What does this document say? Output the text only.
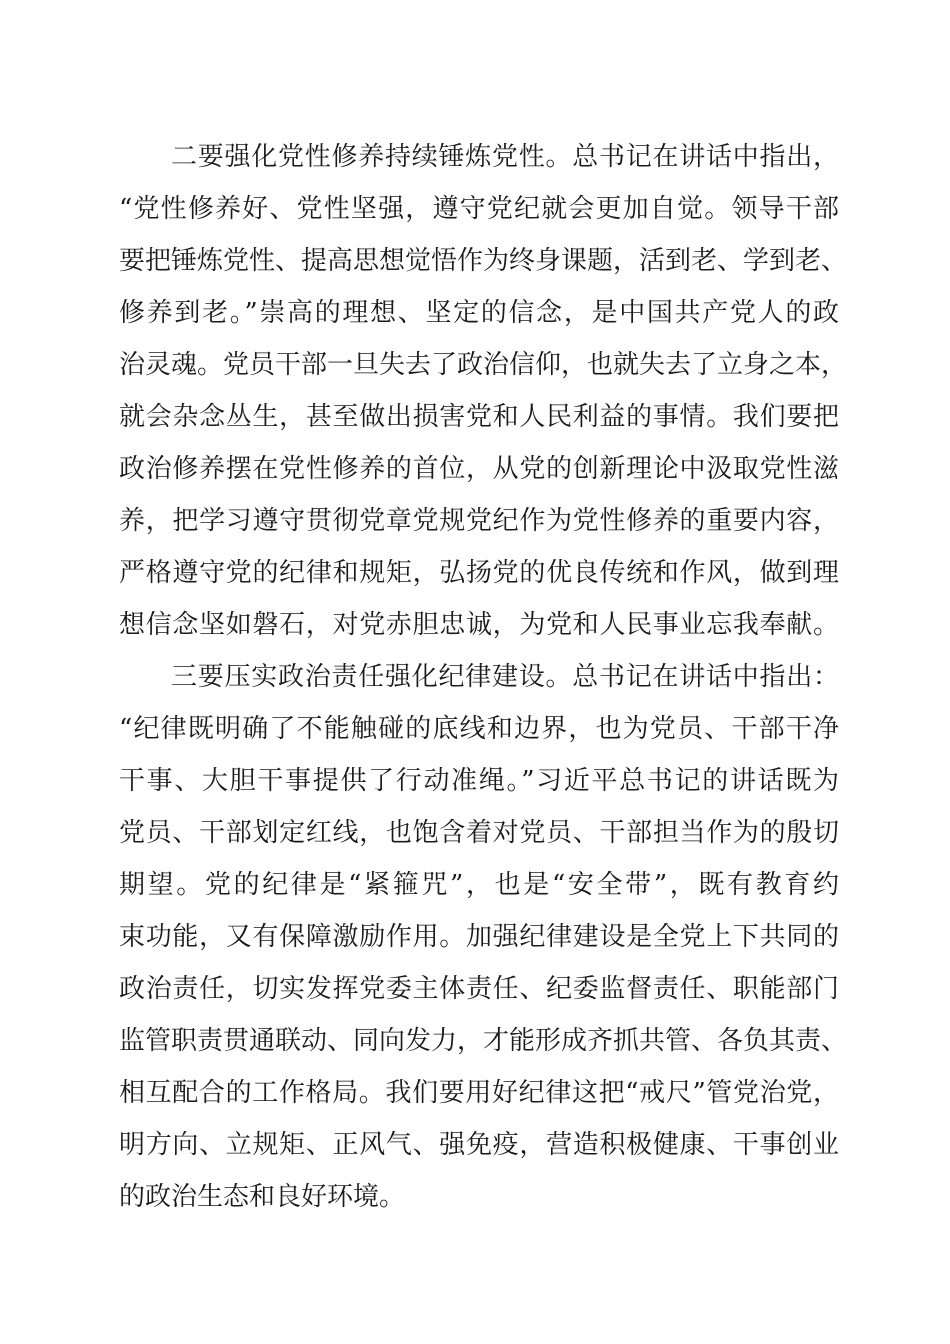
二要强化党性修养持续锤炼党性。总书记在讲话中指出，
“党性修养好、党性坚强，遵守党纪就会更加自觉。领导干部
要把锤炼党性、提高思想觉悟作为终身课题，活到老、学到老、
修养到老。”崇高的理想、坚定的信念，是中国共产党人的政
治灵魂。党员干部一旦失去了政治信仰，也就失去了立身之本，
就会杂念丛生，甚至做出损害党和人民利益的事情。我们要把
政治修养摆在党性修养的首位，从党的创新理论中汲取党性滋
养，把学习遵守贯彻党章党规党纪作为党性修养的重要内容，
严格遵守党的纪律和规矩，弘扬党的优良传统和作风，做到理
想信念坚如磐石，对党赤胆忠诚，为党和人民事业忘我奉献。
三要压实政治责任强化纪律建设。总书记在讲话中指出：
“纪律既明确了不能触碰的底线和边界，也为党员、干部干净
干事、大胆干事提供了行动准绳。”习近平总书记的讲话既为
党员、干部划定红线，也饱含着对党员、干部担当作为的殷切
期望。党的纪律是“紧箍咒”，也是“安全带”，既有教育约
束功能，又有保障激励作用。加强纪律建设是全党上下共同的
政治责任，切实发挥党委主体责任、纪委监督责任、职能部门
监管职责贯通联动、同向发力，才能形成齐抓共管、各负其责、
相互配合的工作格局。我们要用好纪律这把“戒尺”管党治党，
明方向、立规矩、正风气、强免疫，营造积极健康、干事创业
的政治生态和良好环境。
